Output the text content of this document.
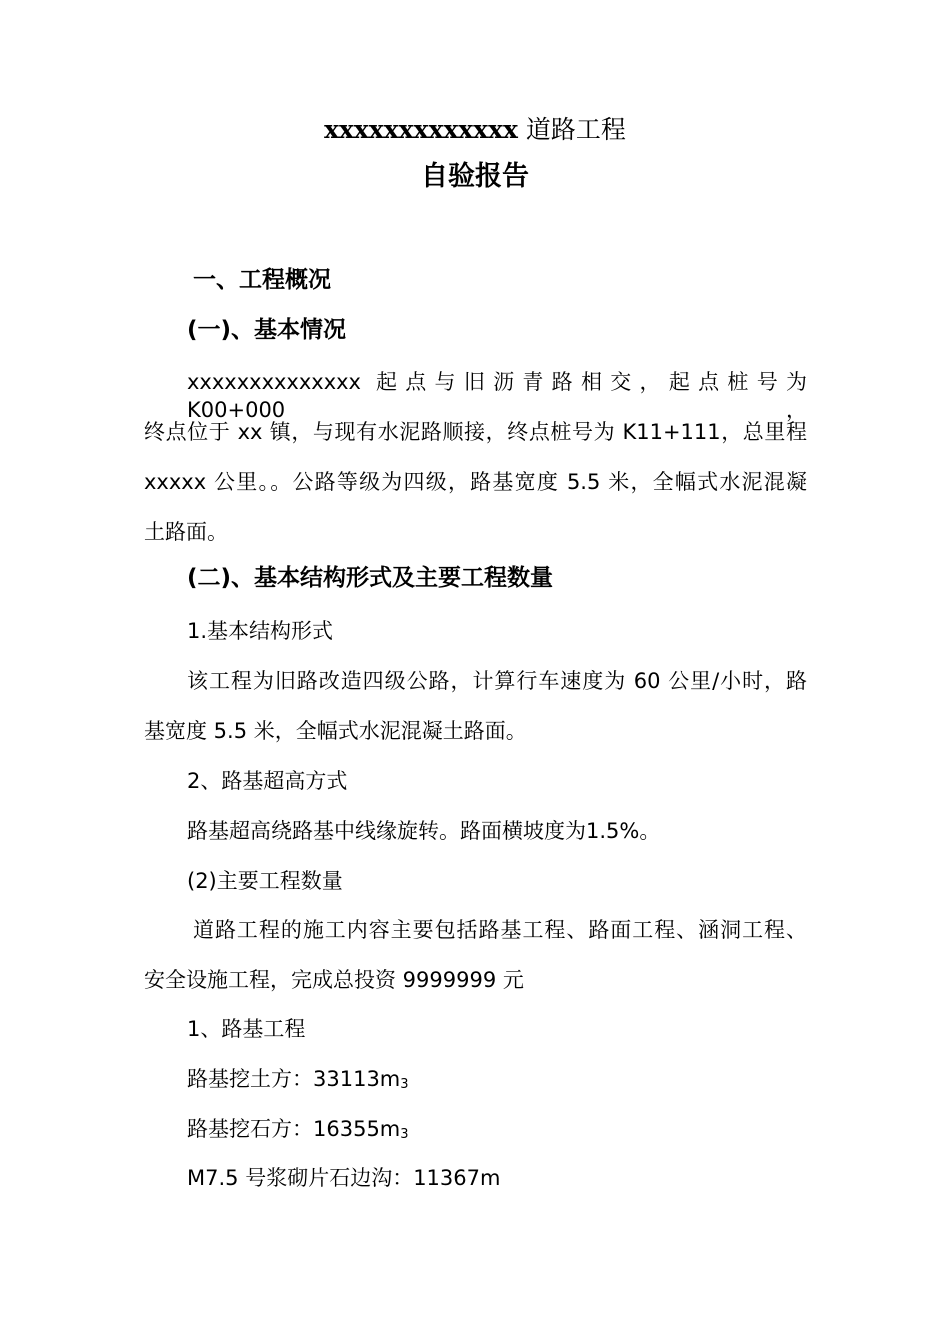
xxxxxxxxxxxxx 道路工程
自验报告
一、工程概况
(一)、基本情况
xxxxxxxxxxxxxx 起点与旧沥青路相交，起点桩号为 K00+000，
终点位于 xx 镇，与现有水泥路顺接，终点桩号为 K11+111，总里程
xxxxx 公里。。公路等级为四级，路基宽度 5.5 米，全幅式水泥混凝
土路面。
(二)、基本结构形式及主要工程数量
1.基本结构形式
该工程为旧路改造四级公路，计算行车速度为 60 公里/小时，路
基宽度 5.5 米，全幅式水泥混凝土路面。
2、路基超高方式
路基超高绕路基中线缘旋转。路面横坡度为1.5%。
(2)主要工程数量
道路工程的施工内容主要包括路基工程、路面工程、涵洞工程、
安全设施工程，完成总投资 9999999 元
1、路基工程
路基挖土方：$33113m_3$
路基挖石方：$16355m_3$
M7.5 号浆砌片石边沟：11367m
